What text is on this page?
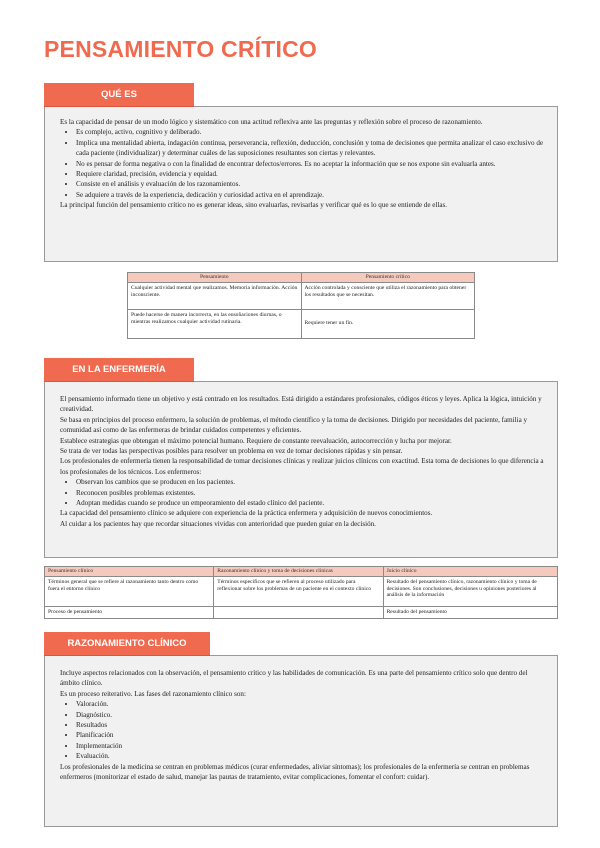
PENSAMIENTO CRÍTICO
QUÉ ES

Es la capacidad de pensar de un modo lógico y sistemático con una actitud reflexiva ante las preguntas y reflexión sobre el proceso de razonamiento.

• Es complejo, activo, cognitivo y deliberado.
• Implica una mentalidad abierta, indagación continua, perseverancia, reflexión, deducción, conclusión y toma de decisiones que permita analizar el caso exclusivo de cada paciente (individualizar) y determinar cuáles de las suposiciones resultantes son ciertas y relevantes.
• No es pensar de forma negativa o con la finalidad de encontrar defectos/errores. Es no aceptar la información que se nos expone sin evaluarla antes.
• Requiere claridad, precisión, evidencia y equidad.
• Consiste en el análisis y evaluación de los razonamientos.
• Se adquiere a través de la experiencia, dedicación y curiosidad activa en el aprendizaje.

La principal función del pensamiento crítico no es generar ideas, sino evaluarlas, revisarlas y verificar qué es lo que se entiende de ellas.

Pensamiento	Pensamiento crítico
Cualquier actividad mental que realizamos. Memoria información. Acción inconsciente.	Acción controlada y consciente que utiliza el razonamiento para obtener los resultados que se necesitan.
Puede hacerse de manera incorrecta, en las ensoñaciones diurnas, o mientras realizamos cualquier actividad rutinaria.	Requiere tener un fin.
EN LA ENFERMERÍA

El pensamiento informado tiene un objetivo y está centrado en los resultados. Está dirigido a estándares profesionales, códigos éticos y leyes. Aplica la lógica, intuición y creatividad.

Se basa en principios del proceso enfermero, la solución de problemas, el método científico y la toma de decisiones. Dirigido por necesidades del paciente, familia y comunidad así como de las enfermeras de brindar cuidados competentes y eficientes.

Establece estrategias que obtengan el máximo potencial humano. Requiere de constante reevaluación, autocorrección y lucha por mejorar.

Se trata de ver todas las perspectivas posibles para resolver un problema en vez de tomar decisiones rápidas y sin pensar.

Los profesionales de enfermería tienen la responsabilidad de tomar decisiones clínicas y realizar juicios clínicos con exactitud. Esta toma de decisiones lo que diferencia a los profesionales de los técnicos. Los enfermeros:

• Observan los cambios que se producen en los pacientes.
• Reconocen posibles problemas existentes.
• Adoptan medidas cuando se produce un empeoramiento del estado clínico del paciente.

La capacidad del pensamiento clínico se adquiere con experiencia de la práctica enfermera y adquisición de nuevos conocimientos.

Al cuidar a los pacientes hay que recordar situaciones vividas con anterioridad que pueden guiar en la decisión.

Pensamiento clínico	Razonamiento clínico y toma de decisiones clínicas	Juicio clínico
Términos general que se refiere al razonamiento tanto dentro como fuera el entorno clínico	Términos específicos que se refieren al proceso utilizado para reflexionar sobre los problemas de un paciente en el contexto clínico	Resultado del pensamiento clínico, razonamiento clínico y toma de decisiones. Son conclusiones, decisiones u opiniones posteriores al análisis de la información
Proceso de pensamiento		Resultado del pensamiento
RAZONAMIENTO CLÍNICO

Incluye aspectos relacionados con la observación, el pensamiento crítico y las habilidades de comunicación. Es una parte del pensamiento crítico solo que dentro del ámbito clínico.

Es un proceso reiterativo. Las fases del razonamiento clínico son:

• Valoración.
• Diagnóstico.
• Resultados
• Planificación
• Implementación
• Evaluación.

Los profesionales de la medicina se centran en problemas médicos (curar enfermedades, aliviar síntomas); los profesionales de la enfermería se centran en problemas enfermeros (monitorizar el estado de salud, manejar las pautas de tratamiento, evitar complicaciones, fomentar el confort: cuidar).
